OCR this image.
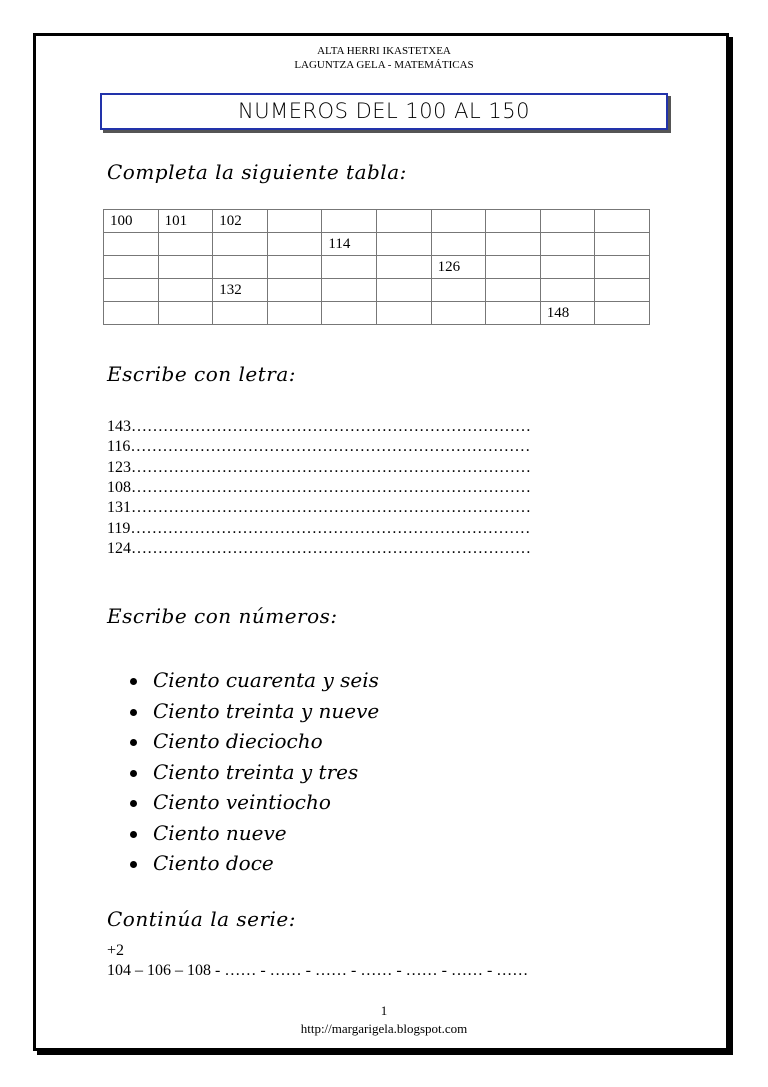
ALTA HERRI IKASTETXEA
LAGUNTZA GELA - MATEMÁTICAS
NUMEROS DEL 100 AL 150
Completa la siguiente tabla:
100	101	102							
				114					
						126			
		132							
								148	
Escribe con letra:
143…………………………………………………………………
116…………………………………………………………………
123…………………………………………………………………
108…………………………………………………………………
131…………………………………………………………………
119…………………………………………………………………
124…………………………………………………………………
Escribe con números:
Ciento cuarenta y seis
Ciento treinta y nueve
Ciento dieciocho
Ciento treinta y tres
Ciento veintiocho
Ciento nueve
Ciento doce
Continúa la serie:
+2
104 – 106 – 108 - …… - …… - …… - …… - …… - …… - ……
1
http://margarigela.blogspot.com
